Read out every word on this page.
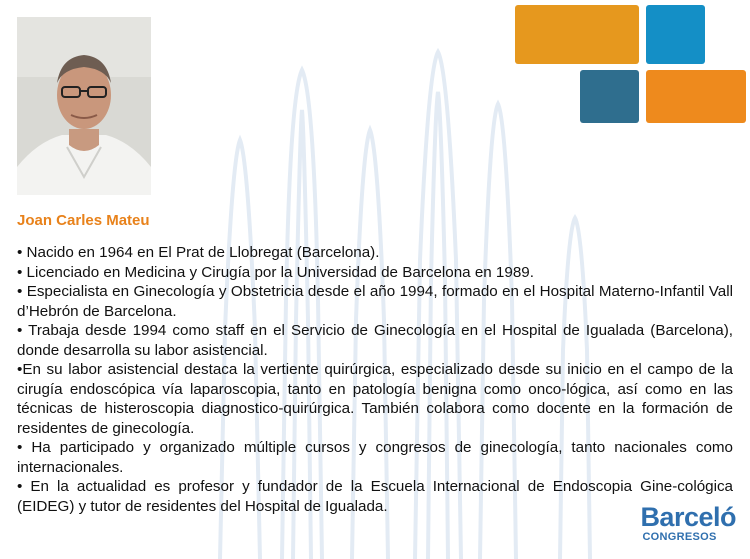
Joan Carles Mateu
• Nacido en 1964 en El Prat de Llobregat (Barcelona).
• Licenciado en Medicina y Cirugía por la Universidad de Barcelona en 1989.
• Especialista en Ginecología y Obstetricia desde el año 1994, formado en el Hospital Materno-Infantil Vall d’Hebrón de Barcelona.
• Trabaja desde 1994 como staff en el Servicio de Ginecología en el Hospital de Igualada (Barcelona), donde desarrolla su labor asistencial.
•En su labor asistencial destaca la vertiente quirúrgica, especializado desde su inicio en el campo de la cirugía endoscópica vía laparoscopia, tanto en patología benigna como onco-lógica, así como en las técnicas de histeroscopia diagnostico-quirúrgica. También colabora como docente en la formación de residentes de ginecología.
• Ha participado y organizado múltiple cursos y congresos de ginecología, tanto nacionales como internacionales.
• En la actualidad es profesor y fundador de la Escuela Internacional de Endoscopia Gine-cológica (EIDEG) y tutor de residentes del Hospital de Igualada.	Barceló
CONGRESOS
